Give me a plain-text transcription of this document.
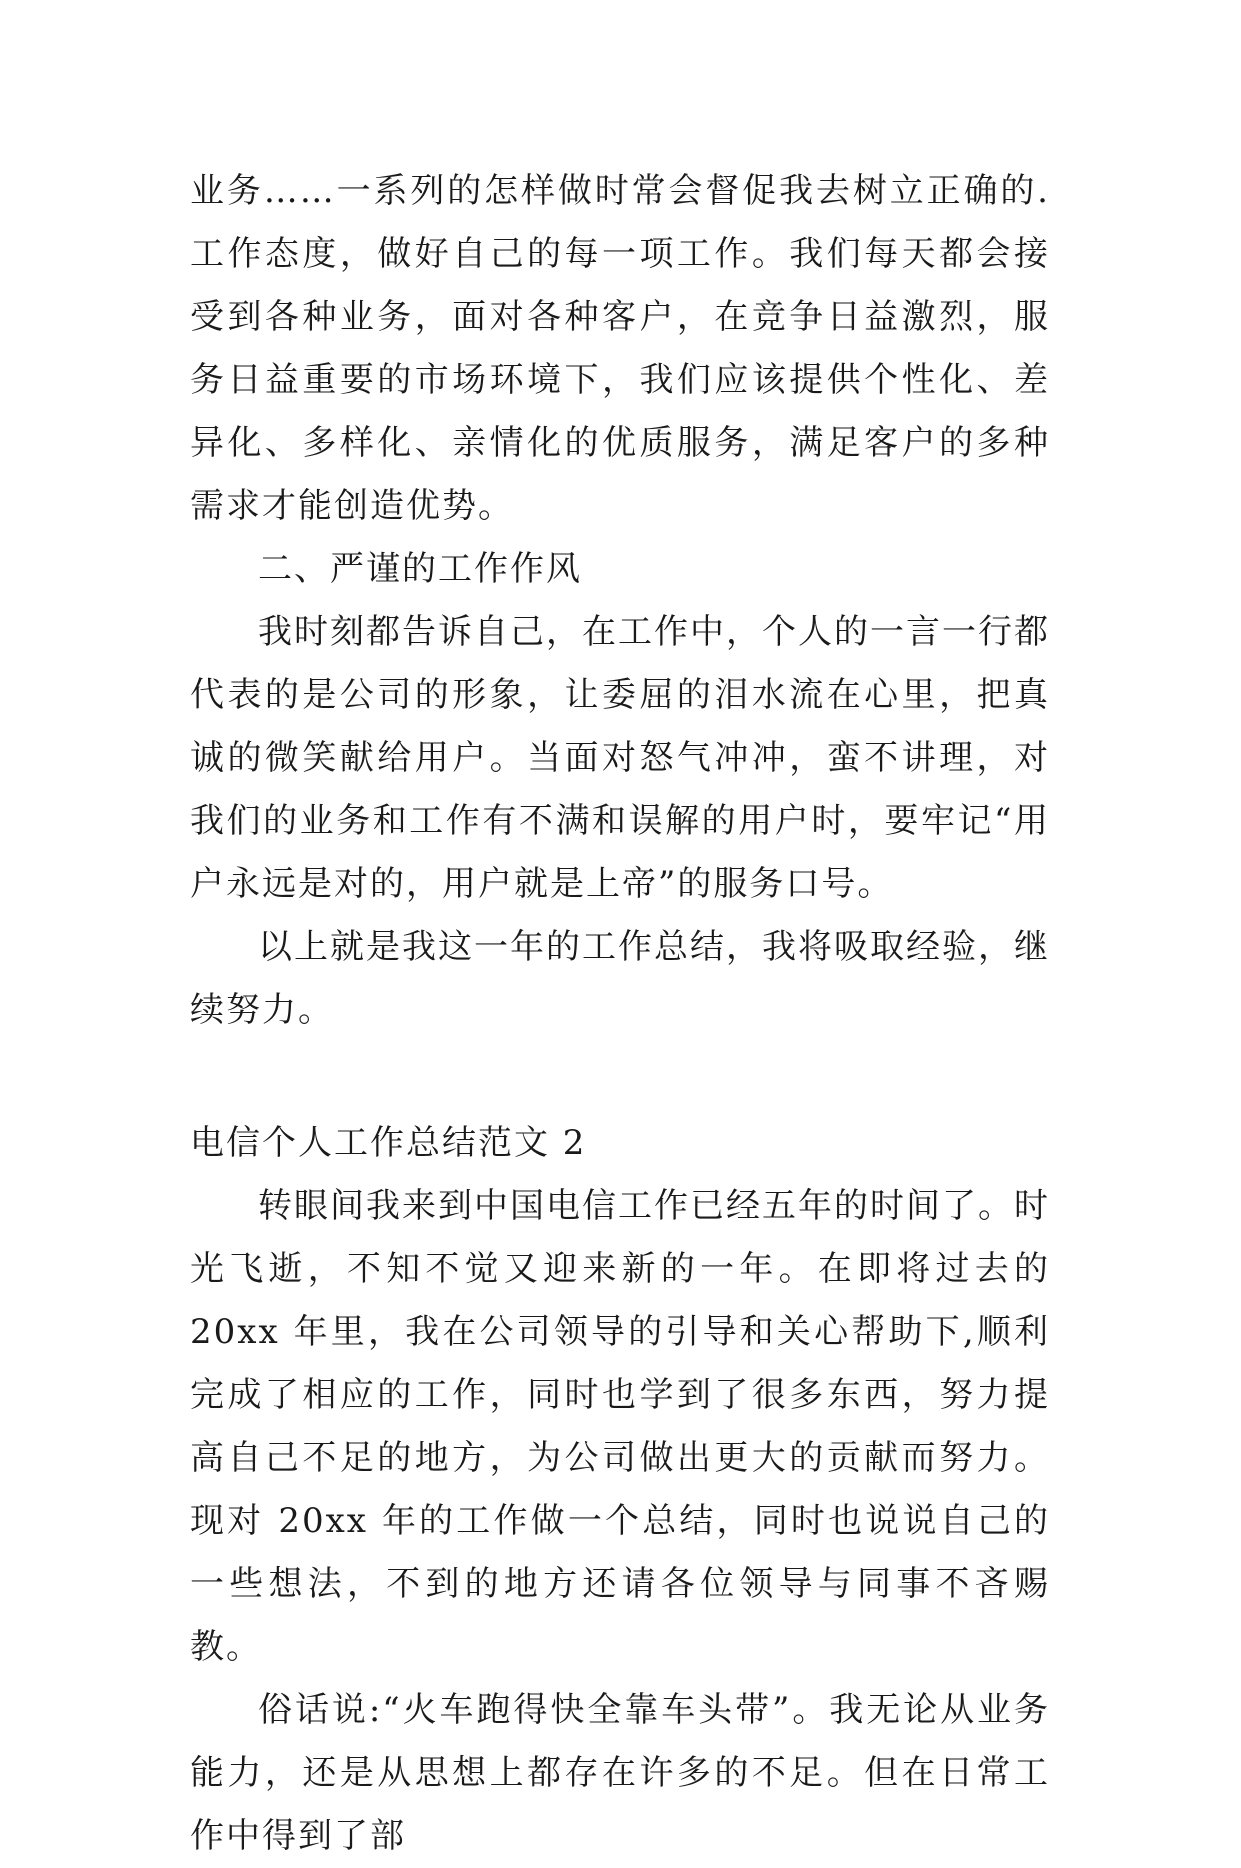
业务……一系列的怎样做时常会督促我去树立正确的.工作态度，做好自己的每一项工作。我们每天都会接受到各种业务，面对各种客户，在竞争日益激烈，服务日益重要的市场环境下，我们应该提供个性化、差异化、多样化、亲情化的优质服务，满足客户的多种需求才能创造优势。

二、严谨的工作作风

我时刻都告诉自己，在工作中，个人的一言一行都代表的是公司的形象，让委屈的泪水流在心里，把真诚的微笑献给用户。当面对怒气冲冲，蛮不讲理，对我们的业务和工作有不满和误解的用户时，要牢记“用户永远是对的，用户就是上帝”的服务口号。

以上就是我这一年的工作总结，我将吸取经验，继续努力。

电信个人工作总结范文 2

转眼间我来到中国电信工作已经五年的时间了。时光飞逝，不知不觉又迎来新的一年。在即将过去的 20xx 年里，我在公司领导的引导和关心帮助下,顺利完成了相应的工作，同时也学到了很多东西，努力提高自己不足的地方，为公司做出更大的贡献而努力。现对 20xx 年的工作做一个总结，同时也说说自己的一些想法，不到的地方还请各位领导与同事不吝赐教。

俗话说:“火车跑得快全靠车头带”。我无论从业务能力，还是从思想上都存在许多的不足。但在日常工作中得到了部
